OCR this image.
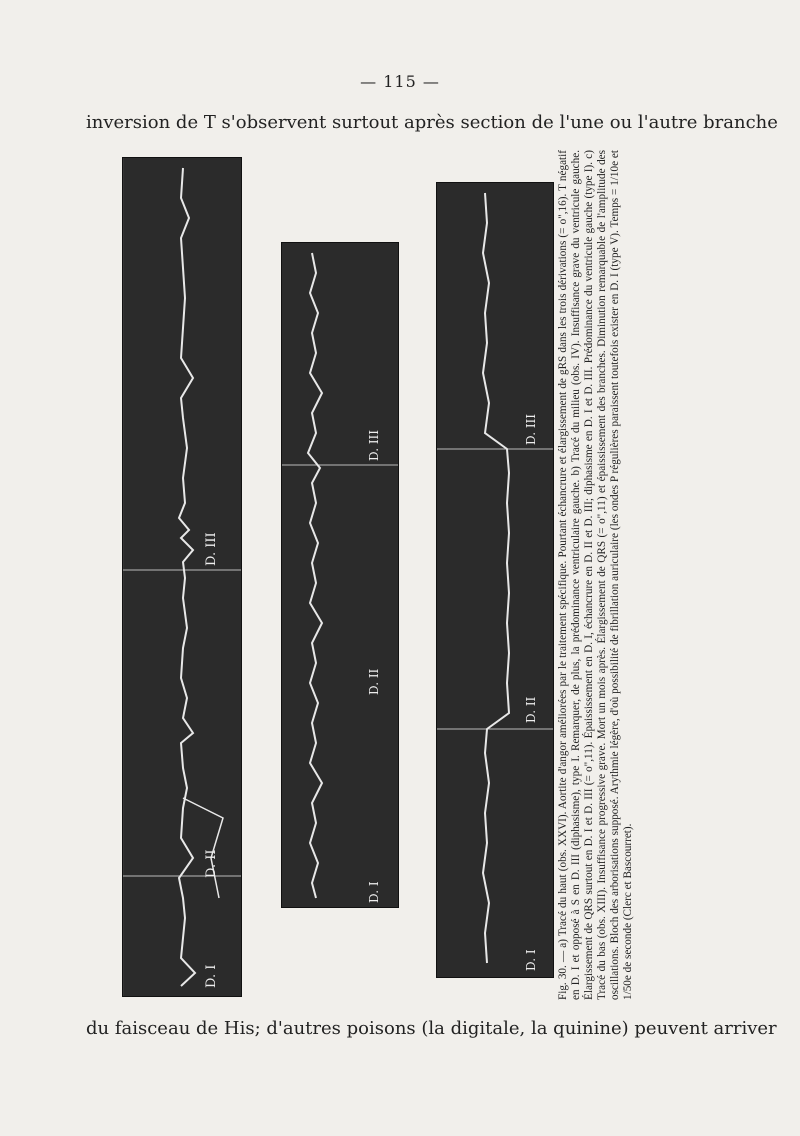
— 115 —
inversion de T s'observent surtout après section de l'une ou l'autre branche
D. I
D. II
D. III
D. I
D. II
D. III
D. I
D. II
D. III
Fig. 30. — a) Tracé du haut (obs. XXVI). Aortite d'angor améliorées par le traitement spécifique. Pourtant échancrure et élargissement de gRS dans les trois dérivations (= o",16). T négatif en D. I et opposé à S en D. III (diphasisme), type I. Remarquer, de plus, la prédominance ventriculaire gauche. b) Tracé du milieu (obs. IV). Insuffisance grave du ventricule gauche. Élargissement de QRS surtout en D. I et D. III (= o",11). Épaississement en D. I, échancrure en D. II et D. III; diphasisme en D. I et D. III. Prédominance du ventricule gauche (type I). c) Tracé du bas (obs. XIII). Insuffisance progressive grave. Mort un mois après. Élargissement de QRS (= o",11) et épaississement des branches. Diminution remarquable de l'amplitude des oscillations. Bloch des arborisations supposé. Arythmie légère, d'où possibilité de fibrillation auriculaire (les ondes P régulières paraissent toutefois exister en D. I (type V). Temps = 1/10e et 1/50e de seconde (Clerc et Bascourret).
du faisceau de His; d'autres poisons (la digitale, la quinine) peuvent arriver
